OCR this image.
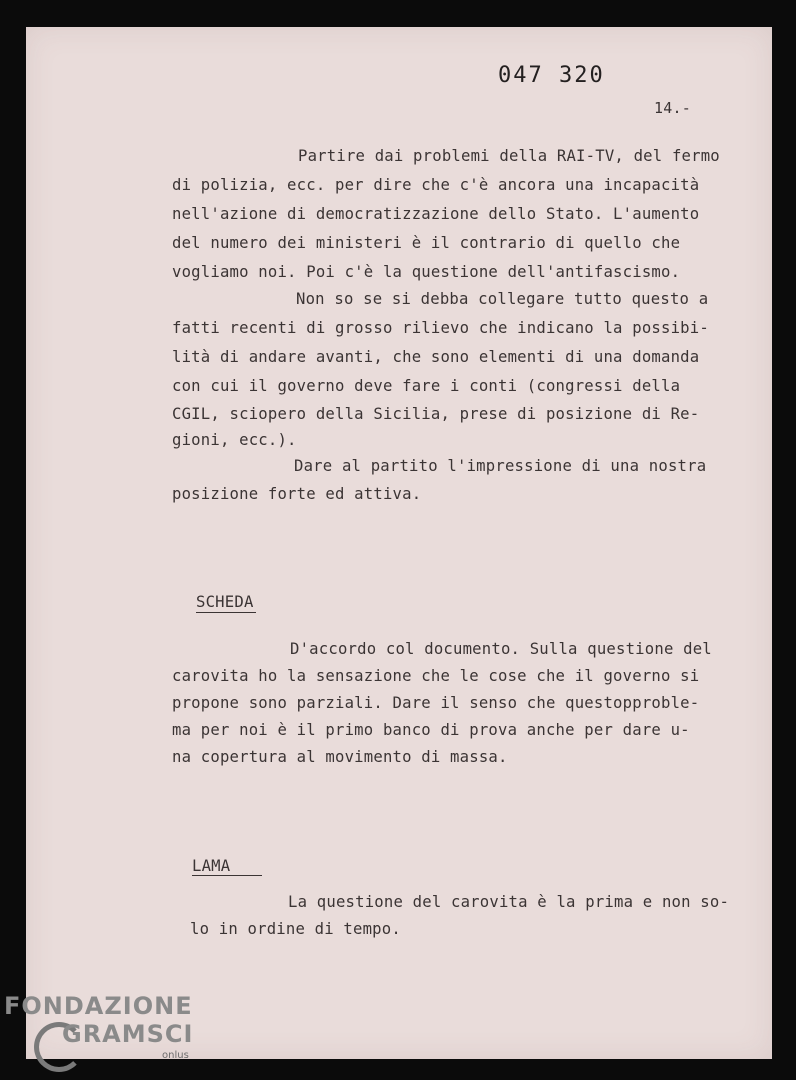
047 320
14.-
Partire dai problemi della RAI-TV, del fermo
di polizia, ecc. per dire che c'è ancora una incapacità
nell'azione di democratizzazione dello Stato. L'aumento
del numero dei ministeri è il contrario di quello che
vogliamo noi. Poi c'è la questione dell'antifascismo.
Non so se si debba collegare tutto questo a
fatti recenti di grosso rilievo che indicano la possibi-
lità di andare avanti, che sono elementi di una domanda
con cui il governo deve fare i conti (congressi della
CGIL, sciopero della Sicilia, prese di posizione di Re-
gioni, ecc.).
Dare al partito l'impressione di una nostra
posizione forte ed attiva.
SCHEDA
D'accordo col documento. Sulla questione del
carovita ho la sensazione che le cose che il governo si
propone sono parziali. Dare il senso che questopproble-
ma per noi è il primo banco di prova anche per dare u-
na copertura al movimento di massa.
LAMA
La questione del carovita è la prima e non so-
lo in ordine di tempo.
FONDAZIONE
GRAMSCI
onlus
